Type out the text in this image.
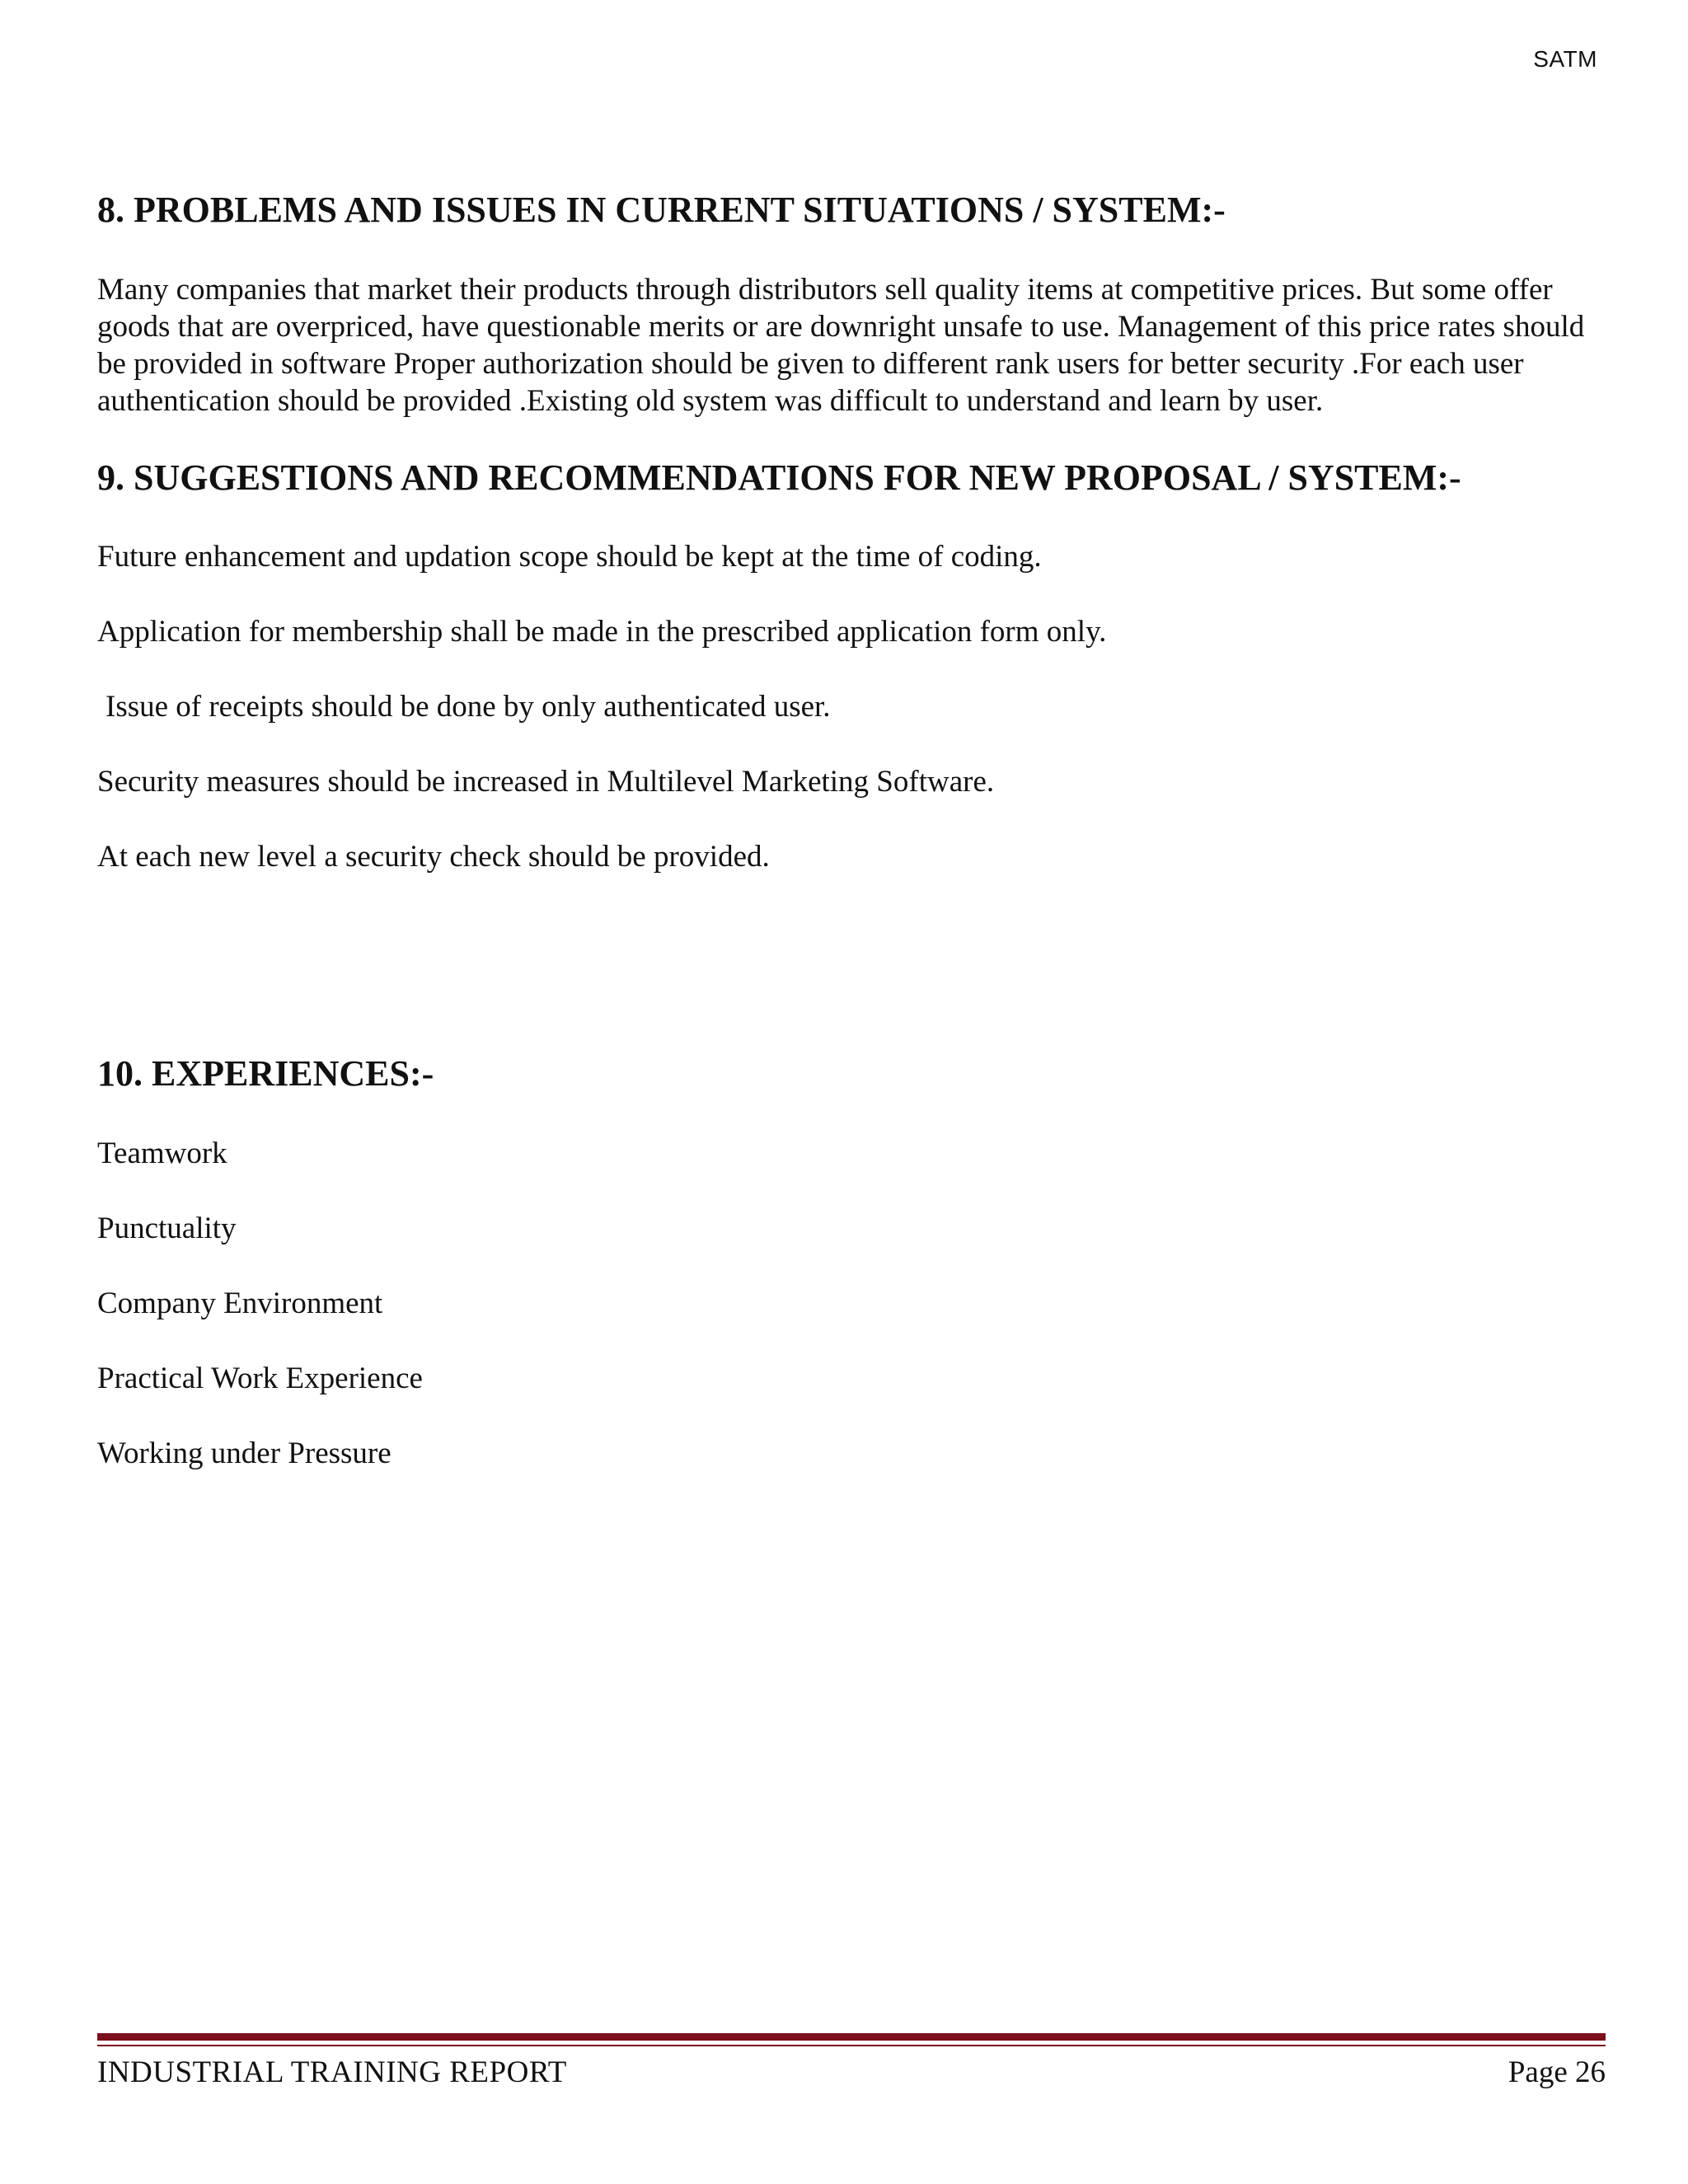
SATM
8. PROBLEMS AND ISSUES IN CURRENT SITUATIONS / SYSTEM:-

Many companies that market their products through distributors sell quality items at competitive prices. But some offer goods that are overpriced, have questionable merits or are downright unsafe to use. Management of this price rates should be provided in software Proper authorization should be given to different rank users for better security .For each user authentication should be provided .Existing old system was difficult to understand and learn by user.

9. SUGGESTIONS AND RECOMMENDATIONS FOR NEW PROPOSAL / SYSTEM:-

Future enhancement and updation scope should be kept at the time of coding.

Application for membership shall be made in the prescribed application form only.

Issue of receipts should be done by only authenticated user.

Security measures should be increased in Multilevel Marketing Software.

At each new level a security check should be provided.

10. EXPERIENCES:-

Teamwork

Punctuality

Company Environment

Practical Work Experience

Working under Pressure

INDUSTRIAL TRAINING REPORT	Page 26
